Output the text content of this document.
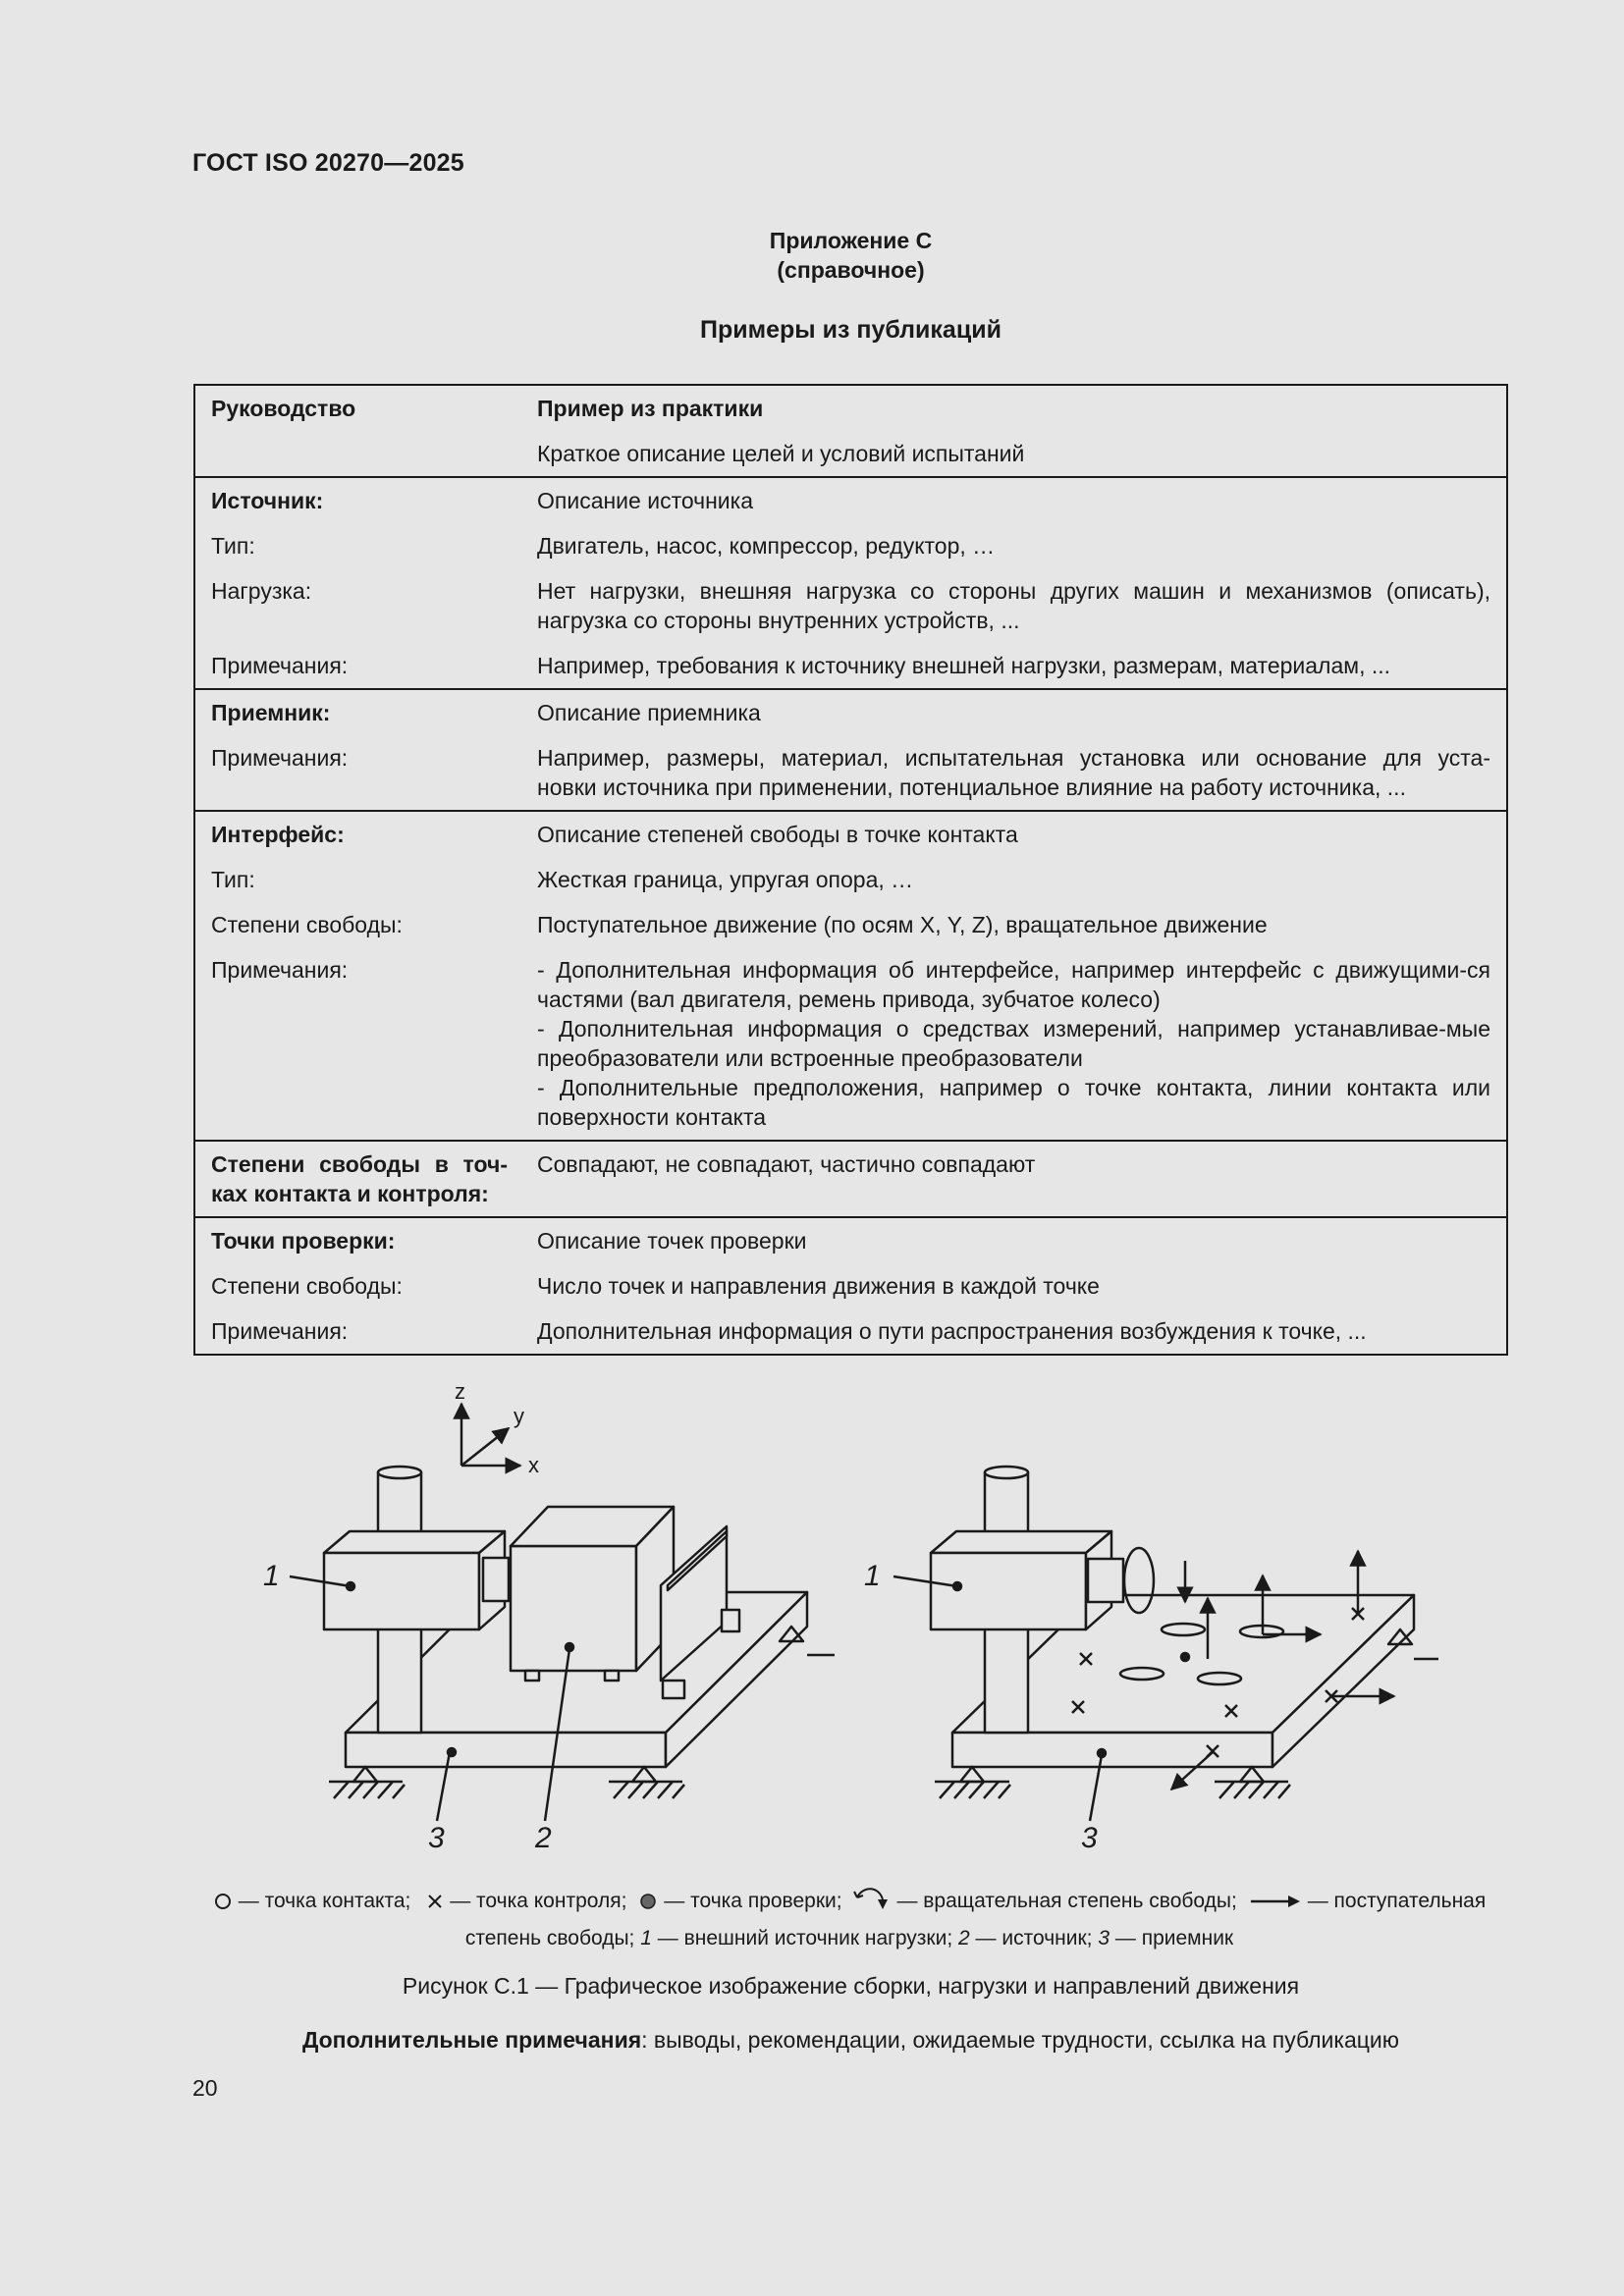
ГОСТ ISO 20270—2025
Приложение С
(справочное)
Примеры из публикаций
Руководство	Пример из практики
	Краткое описание целей и условий испытаний
Источник:	Описание источника
Тип:	Двигатель, насос, компрессор, редуктор, …
Нагрузка:	Нет нагрузки, внешняя нагрузка со стороны других машин и механизмов (описать), нагрузка со стороны внутренних устройств, ...
Примечания:	Например, требования к источнику внешней нагрузки, размерам, материалам, ...
Приемник:	Описание приемника
Примечания:	Например, размеры, материал, испытательная установка или основание для уста-
новки источника при применении, потенциальное влияние на работу источника, ...
Интерфейс:	Описание степеней свободы в точке контакта
Тип:	Жесткая граница, упругая опора, …
Степени свободы:	Поступательное движение (по осям X, Y, Z), вращательное движение
Примечания:	- Дополнительная информация об интерфейсе, например интерфейс с движущими-ся частями (вал двигателя, ремень привода, зубчатое колесо)
- Дополнительная информация о средствах измерений, например устанавливае-мые преобразователи или встроенные преобразователи
- Дополнительные предположения, например о точке контакта, линии контакта или поверхности контакта

Степени свободы в точ-ках контакта и контроля:	Совпадают, не совпадают, частично совпадают
Точки проверки:	Описание точек проверки
Степени свободы:	Число точек и направления движения в каждой точке
Примечания:	Дополнительная информация о пути распространения возбуждения к точке, ...
z
y
x
1
3	2
1
3
— точка контакта; — точка контроля; — точка проверки;	— вращательная степень свободы;	— поступательная
степень свободы; 1 — внешний источник нагрузки; 2 — источник; 3 — приемник
Рисунок С.1 — Графическое изображение сборки, нагрузки и направлений движения
Дополнительные примечания: выводы, рекомендации, ожидаемые трудности, ссылка на публикацию
20
